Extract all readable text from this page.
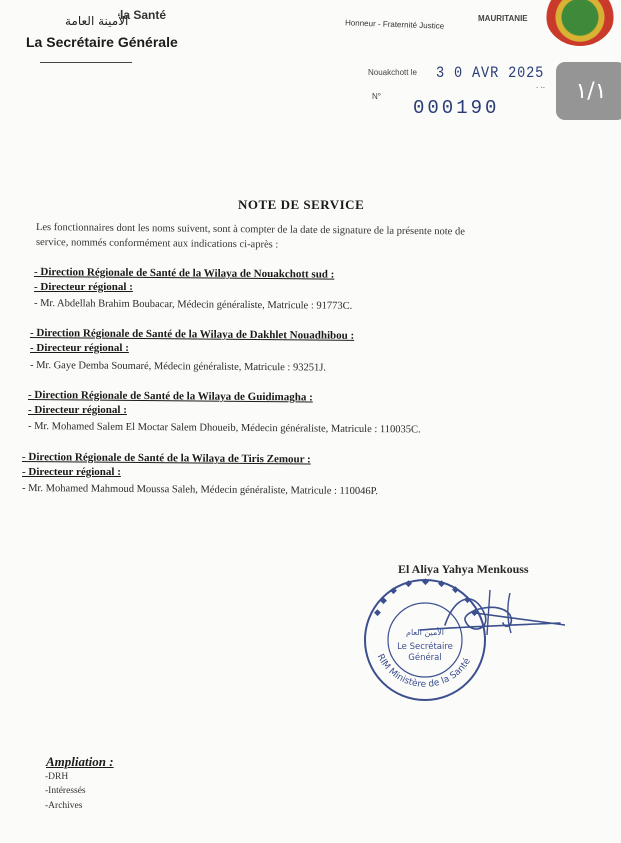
la Santé
الأمينة العامة
La Secrétaire Générale
Honneur - Fraternité Justice	MAURITANIE
Nouakchott le 3 0 AVR 2025
. ..
N°
000190
١/١
NOTE DE SERVICE
Les fonctionnaires dont les noms suivent, sont à compter de la date de signature de la présente note de
service, nommés conformément aux indications ci-après :
- Direction Régionale de Santé de la Wilaya de Nouakchott sud :
- Directeur régional :
- Mr. Abdellah Brahim Boubacar, Médecin généraliste, Matricule : 91773C.
- Direction Régionale de Santé de la Wilaya de Dakhlet Nouadhibou :
- Directeur régional :
- Mr. Gaye Demba Soumaré, Médecin généraliste, Matricule : 93251J.
- Direction Régionale de Santé de la Wilaya de Guidimagha :
- Directeur régional :
- Mr. Mohamed Salem El Moctar Salem Dhoueib, Médecin généraliste, Matricule : 110035C.
- Direction Régionale de Santé de la Wilaya de Tiris Zemour :
- Directeur régional :
- Mr. Mohamed Mahmoud Moussa Saleh, Médecin généraliste, Matricule : 110046P.
El Aliya Yahya Menkouss
RIM Ministère de la Santé
الأمين العام
Le Secrétaire
Général
◆
◆
◆
◆ ◆ ◆
◆
◆
◆
Ampliation :
-DRH
-Intéressés
-Archives
